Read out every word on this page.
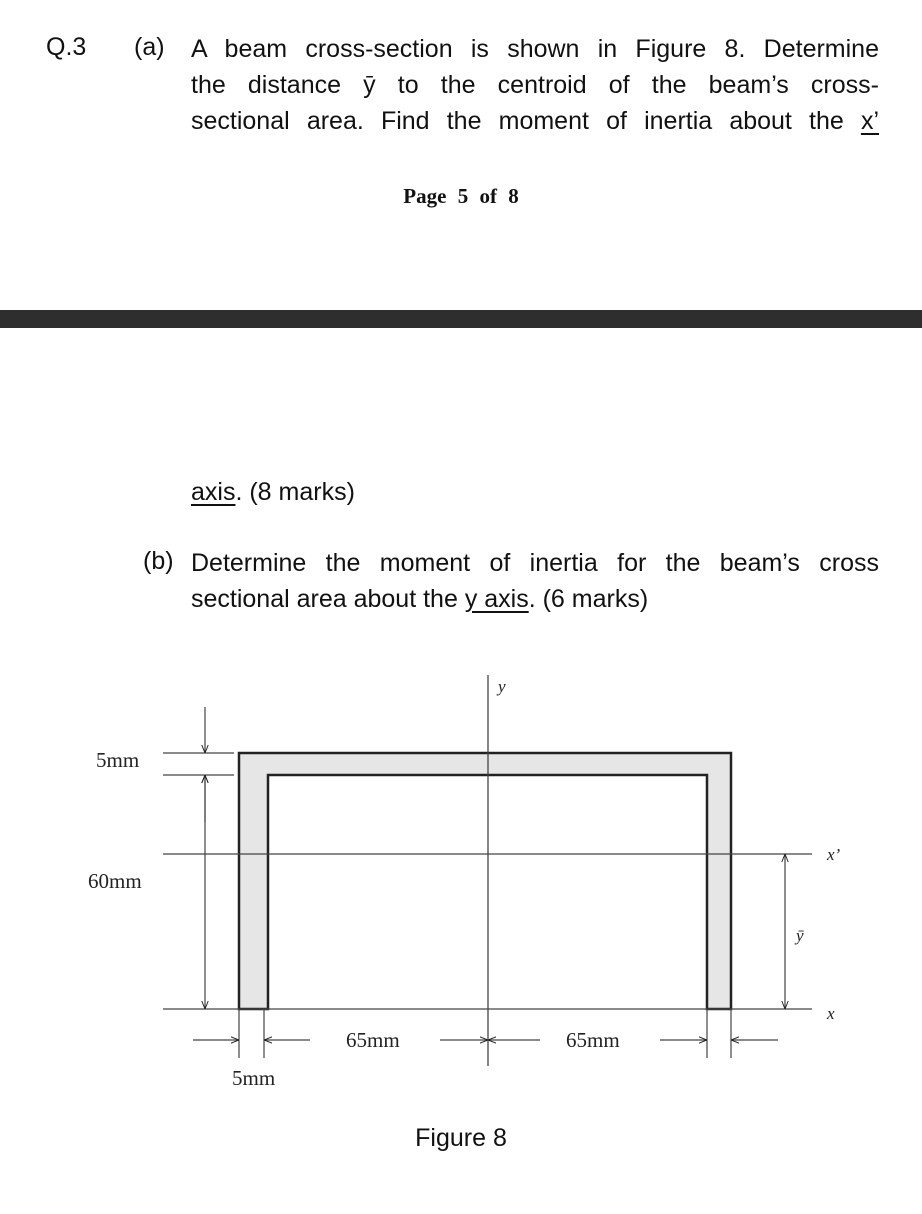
Q.3 (a) A beam cross-section is shown in Figure 8. Determine
the distance ȳ to the centroid of the beam’s cross-
sectional area. Find the moment of inertia about the x’
Page 5 of 8
axis. (8 marks)
(b) Determine the moment of inertia for the beam’s cross
sectional area about the y axis. (6 marks)
y
x’
x
ȳ
5mm
60mm
65mm	65mm
5mm
Figure 8
